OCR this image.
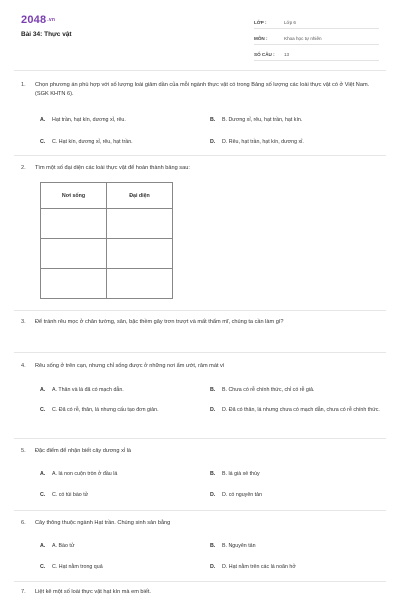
$2048^{.vn}$
Bài 34: Thực vật
LỚP :	Lớp 6
MÔN :	Khoa học tự nhiên
SỐ CÂU :	13
1.	Chọn phương án phù hợp với số lượng loài giảm dần của mỗi ngành thực vật có trong Bảng số lượng các loài thực vật có ở Việt Nam. (SGK KHTN 6).
A.	Hạt trần, hạt kín, dương xỉ, rêu.	B.	B. Dương xỉ, rêu, hạt trần, hạt kín.
C.	C. Hạt kín, dương xỉ, rêu, hạt trần.	D.	D. Rêu, hạt trần, hạt kín, dương xỉ.
2.	Tìm một số đại diện các loài thực vật để hoàn thành bảng sau:
Nơi sống	Đại diện

3.	Để tránh rêu mọc ở chân tường, sân, bậc thềm gây trơn trượt và mất thẩm mĩ, chúng ta cần làm gì?
4.	Rêu sống ở trên cạn, nhưng chỉ sống được ở những nơi ẩm ướt, râm mát vì
A.	A. Thân và lá đã có mạch dẫn.	B.	B. Chưa có rễ chính thức, chỉ có rễ giả.
C.	C. Đã có rễ, thân, lá nhưng cấu tạo đơn giản.	D.	D. Đã có thân, lá nhưng chưa có mạch dẫn, chưa có rễ chính thức.
5.	Đặc điểm để nhận biết cây dương xỉ là
A.	A. lá non cuộn tròn ở đầu lá	B.	B. lá già xẻ thùy
C.	C. có túi bào tử	D.	D. có nguyên tản
6.	Cây thông thuộc ngành Hạt trần. Chúng sinh sản bằng
A.	A. Bào tử	B.	B. Nguyên tản
C.	C. Hạt nằm trong quả	D.	D. Hạt nằm trên các lá noãn hở
7.	Liệt kê một số loài thực vật hạt kín mà em biết.
